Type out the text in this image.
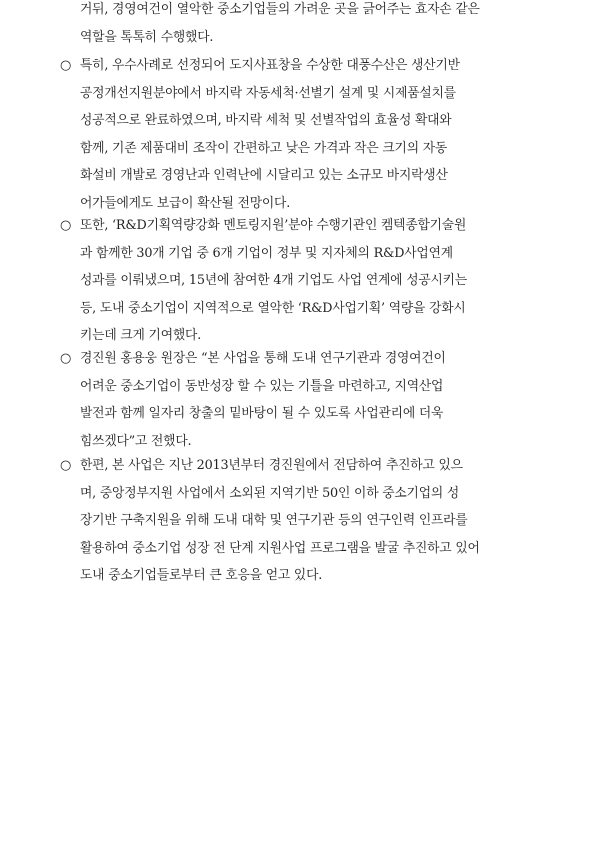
거뒤, 경영여건이 열악한 중소기업들의 가려운 곳을 긁어주는 효자손 같은
역할을 톡톡히 수행했다.
○ 특히, 우수사례로 선정되어 도지사표창을 수상한 대풍수산은 생산기반
공정개선지원분야에서 바지락 자동세척·선별기 설계 및 시제품설치를
성공적으로 완료하였으며, 바지락 세척 및 선별작업의 효율성 확대와
함께, 기존 제품대비 조작이 간편하고 낮은 가격과 작은 크기의 자동
화설비 개발로 경영난과 인력난에 시달리고 있는 소규모 바지락생산
어가들에게도 보급이 확산될 전망이다.
○ 또한, ‘R&D기획역량강화 멘토링지원’분야 수행기관인 켐텍종합기술원
과 함께한 30개 기업 중 6개 기업이 정부 및 지자체의 R&D사업연계
성과를 이뤄냈으며, 15년에 참여한 4개 기업도 사업 연계에 성공시키는
등, 도내 중소기업이 지역적으로 열악한 ‘R&D사업기획’ 역량을 강화시
키는데 크게 기여했다.
○ 경진원 홍용웅 원장은 “본 사업을 통해 도내 연구기관과 경영여건이
어려운 중소기업이 동반성장 할 수 있는 기틀을 마련하고, 지역산업
발전과 함께 일자리 창출의 밑바탕이 될 수 있도록 사업관리에 더욱
힘쓰겠다”고 전했다.
○ 한편, 본 사업은 지난 2013년부터 경진원에서 전담하여 추진하고 있으
며, 중앙정부지원 사업에서 소외된 지역기반 50인 이하 중소기업의 성
장기반 구축지원을 위해 도내 대학 및 연구기관 등의 연구인력 인프라를
활용하여 중소기업 성장 전 단계 지원사업 프로그램을 발굴 추진하고 있어
도내 중소기업들로부터 큰 호응을 얻고 있다.
